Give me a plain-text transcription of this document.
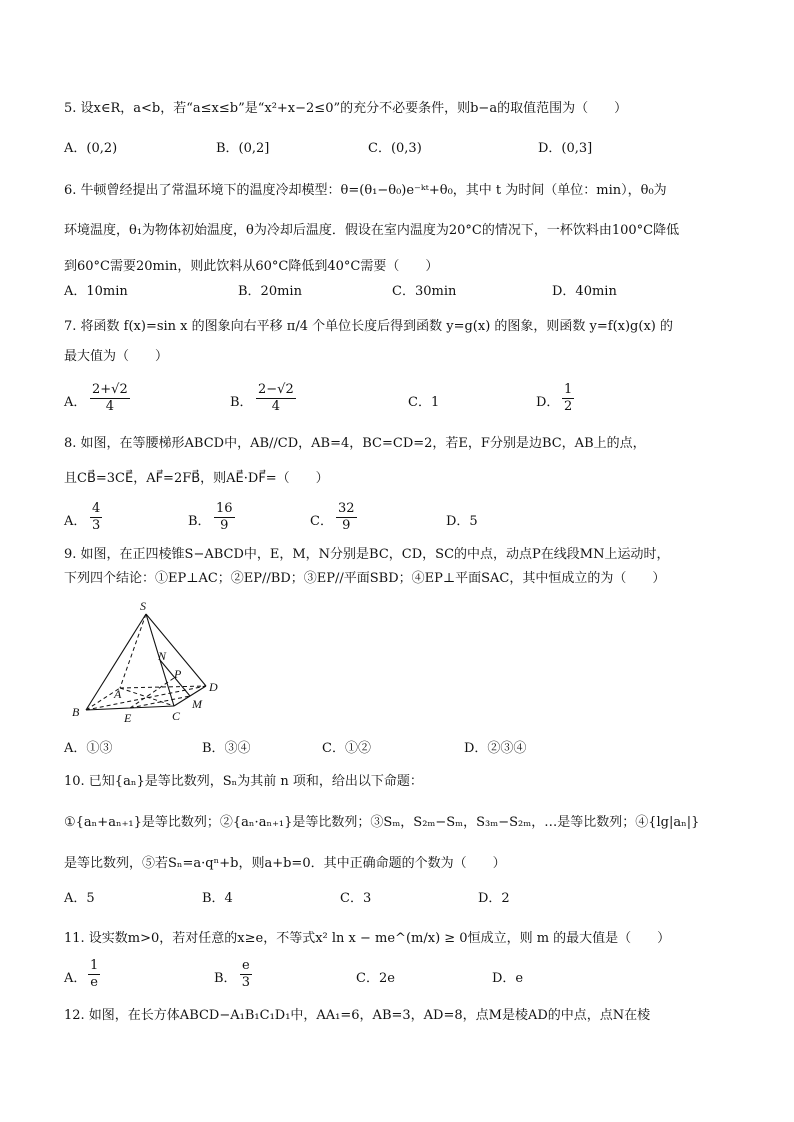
5. 设x∈R，a<b，若“a≤x≤b”是“x²+x−2≤0”的充分不必要条件，则b−a的取值范围为（　　）
A．(0,2)	B．(0,2]	C．(0,3)	D．(0,3]
6. 牛顿曾经提出了常温环境下的温度冷却模型：θ=(θ₁−θ₀)e⁻ᵏᵗ+θ₀，其中 t 为时间（单位：min），θ₀为
环境温度，θ₁为物体初始温度，θ为冷却后温度．假设在室内温度为20°C的情况下，一杯饮料由100°C降低
到60°C需要20min，则此饮料从60°C降低到40°C需要（　　）
A．10min	B．20min	C．30min	D．40min
7. 将函数 f(x)=sin x 的图象向右平移 π/4 个单位长度后得到函数 y=g(x) 的图象，则函数 y=f(x)g(x) 的
最大值为（　　）
A． $\frac{2+√2}{4}$	B． $\frac{2-√2}{4}$	C．1	D． $\frac{1}{2}$
8. 如图，在等腰梯形ABCD中，AB//CD，AB=4，BC=CD=2，若E，F分别是边BC，AB上的点，
且CB⃗=3CE⃗，AF⃗=2FB⃗，则AE⃗·DF⃗=（　　）
A． $\frac{4}{3}$	B． $\frac{16}{9}$	C． $\frac{32}{9}$	D．5
9. 如图，在正四棱锥S−ABCD中，E，M，N分别是BC，CD，SC的中点，动点P在线段MN上运动时，
下列四个结论：①EP⊥AC；②EP//BD；③EP//平面SBD；④EP⊥平面SAC，其中恒成立的为（　　）
S
N
P
A	D
B	E	C
M
A．①③	B．③④	C．①②	D．②③④
10. 已知{aₙ}是等比数列，Sₙ为其前 n 项和，给出以下命题：
①{aₙ+aₙ₊₁}是等比数列；②{aₙ·aₙ₊₁}是等比数列；③Sₘ，S₂ₘ−Sₘ，S₃ₘ−S₂ₘ，…是等比数列；④{lg|aₙ|}
是等比数列，⑤若Sₙ=a·qⁿ+b，则a+b=0．其中正确命题的个数为（　　）
A．5	B．4	C．3	D．2
11. 设实数m>0，若对任意的x≥e，不等式x² ln x − me^(m/x) ≥ 0恒成立，则 m 的最大值是（　　）
A． $\frac{1}{e}$	B． $\frac{e}{3}$	C．2e	D．e
12. 如图，在长方体ABCD−A₁B₁C₁D₁中，AA₁=6，AB=3，AD=8，点M是棱AD的中点，点N在棱
